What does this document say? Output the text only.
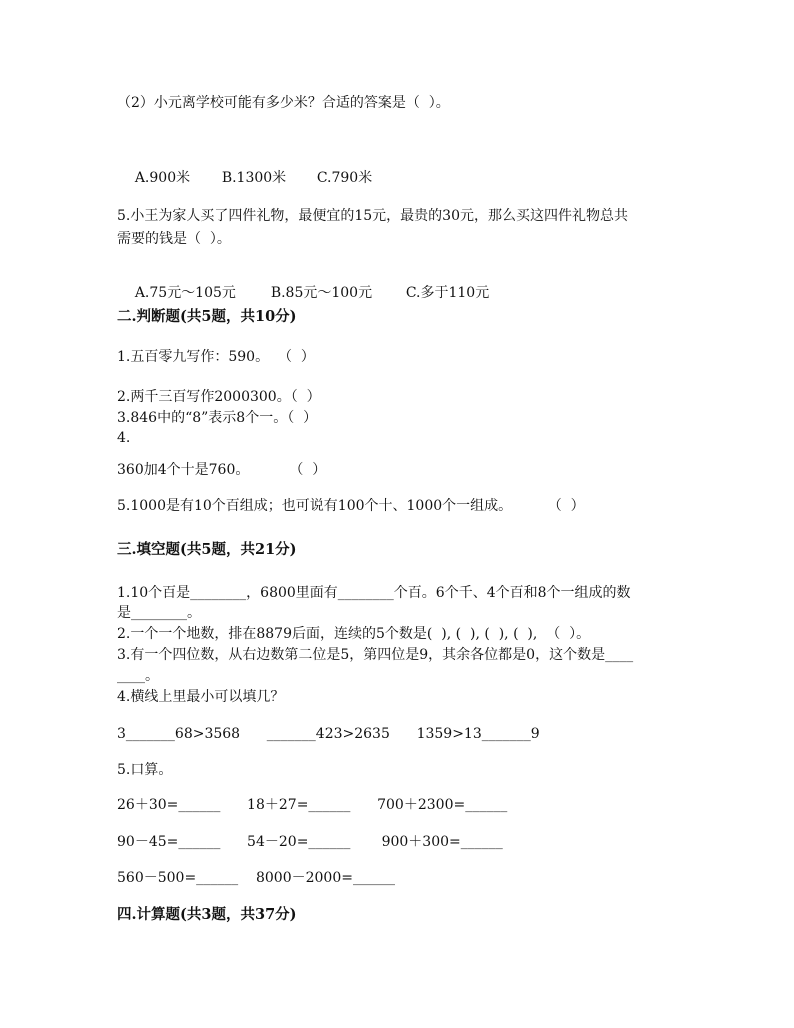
（2）小元离学校可能有多少米？合适的答案是（  ）。

A.900米 B.1300米 C.790米

5.小王为家人买了四件礼物，最便宜的15元，最贵的30元，那么买这四件礼物总共
需要的钱是（  ）。

A.75元～105元 B.85元～100元 C.多于110元

二.判断题(共5题，共10分)
1.五百零九写作：590。  （  ）
2.两千三百写作2000300。（  ）
3.846中的“8”表示8个一。（  ）
4.
360加4个十是760。         （  ）
5.1000是有10个百组成；也可说有100个十、1000个一组成。        （  ）
三.填空题(共5题，共21分)
1.10个百是________，6800里面有________个百。6个千、4个百和8个一组成的数
是________。
2.一个一个地数，排在8879后面，连续的5个数是(  ), (  ), (  ), (  ),  （  ）。
3.有一个四位数，从右边数第二位是5，第四位是9，其余各位都是0，这个数是____
____。
4.横线上里最小可以填几？
3_______68>3568      _______423>2635      1359>13_______9
5.口算。
26＋30=______      18＋27=______      700＋2300=______
90－45=______      54－20=______       900＋300=______
560－500=______    8000－2000=______
四.计算题(共3题，共37分)
